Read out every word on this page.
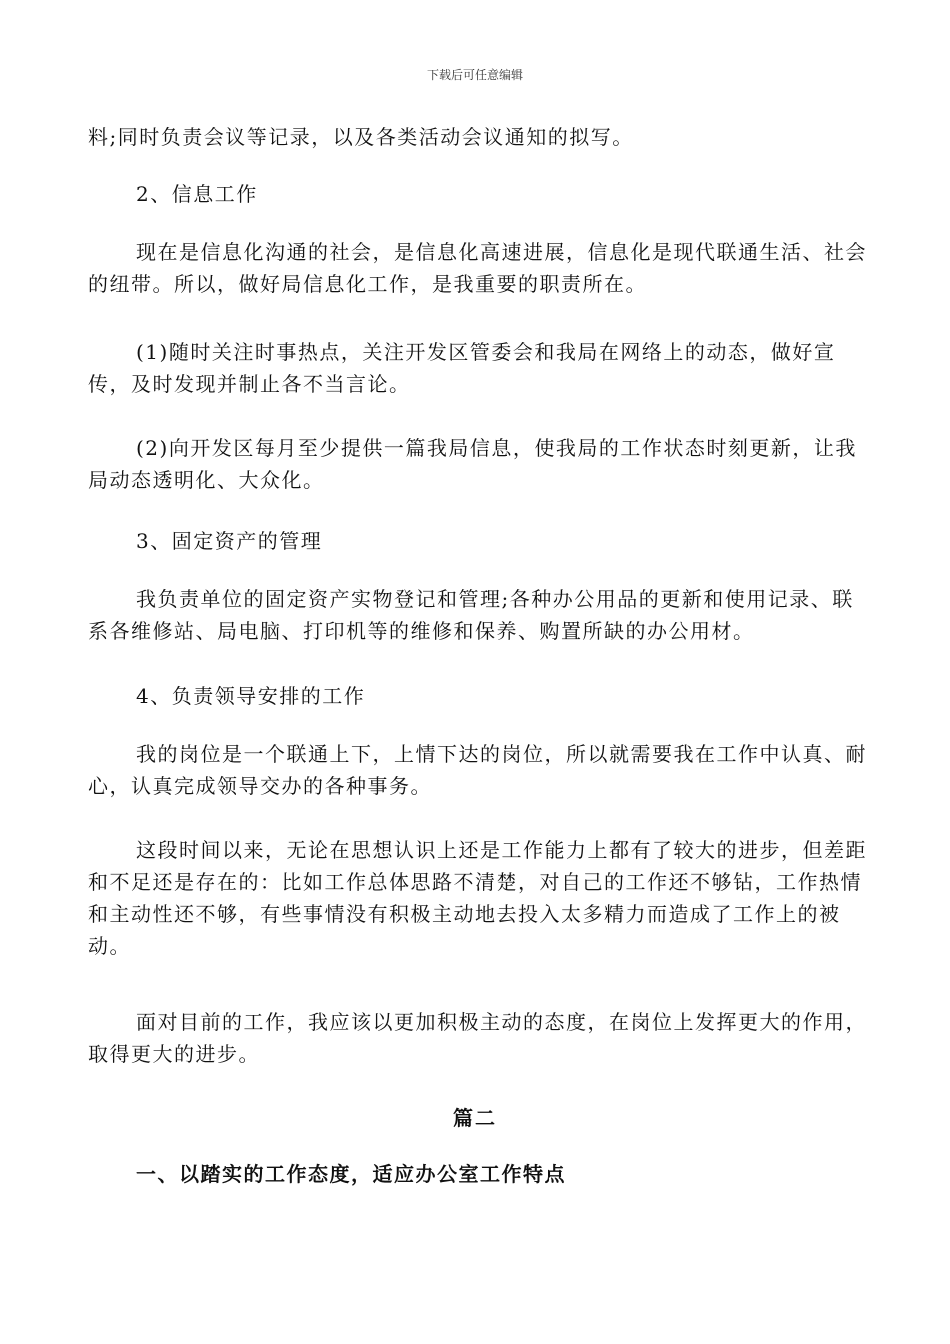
下载后可任意编辑

料;同时负责会议等记录，以及各类活动会议通知的拟写。

2、信息工作

现在是信息化沟通的社会，是信息化高速进展，信息化是现代联通生活、社会的纽带。所以，做好局信息化工作，是我重要的职责所在。

(1)随时关注时事热点，关注开发区管委会和我局在网络上的动态，做好宣传，及时发现并制止各不当言论。

(2)向开发区每月至少提供一篇我局信息，使我局的工作状态时刻更新，让我局动态透明化、大众化。

3、固定资产的管理

我负责单位的固定资产实物登记和管理;各种办公用品的更新和使用记录、联系各维修站、局电脑、打印机等的维修和保养、购置所缺的办公用材。

4、负责领导安排的工作

我的岗位是一个联通上下，上情下达的岗位，所以就需要我在工作中认真、耐心，认真完成领导交办的各种事务。

这段时间以来，无论在思想认识上还是工作能力上都有了较大的进步，但差距和不足还是存在的：比如工作总体思路不清楚，对自己的工作还不够钻，工作热情和主动性还不够，有些事情没有积极主动地去投入太多精力而造成了工作上的被动。

面对目前的工作，我应该以更加积极主动的态度，在岗位上发挥更大的作用，取得更大的进步。

篇二
一、以踏实的工作态度，适应办公室工作特点
